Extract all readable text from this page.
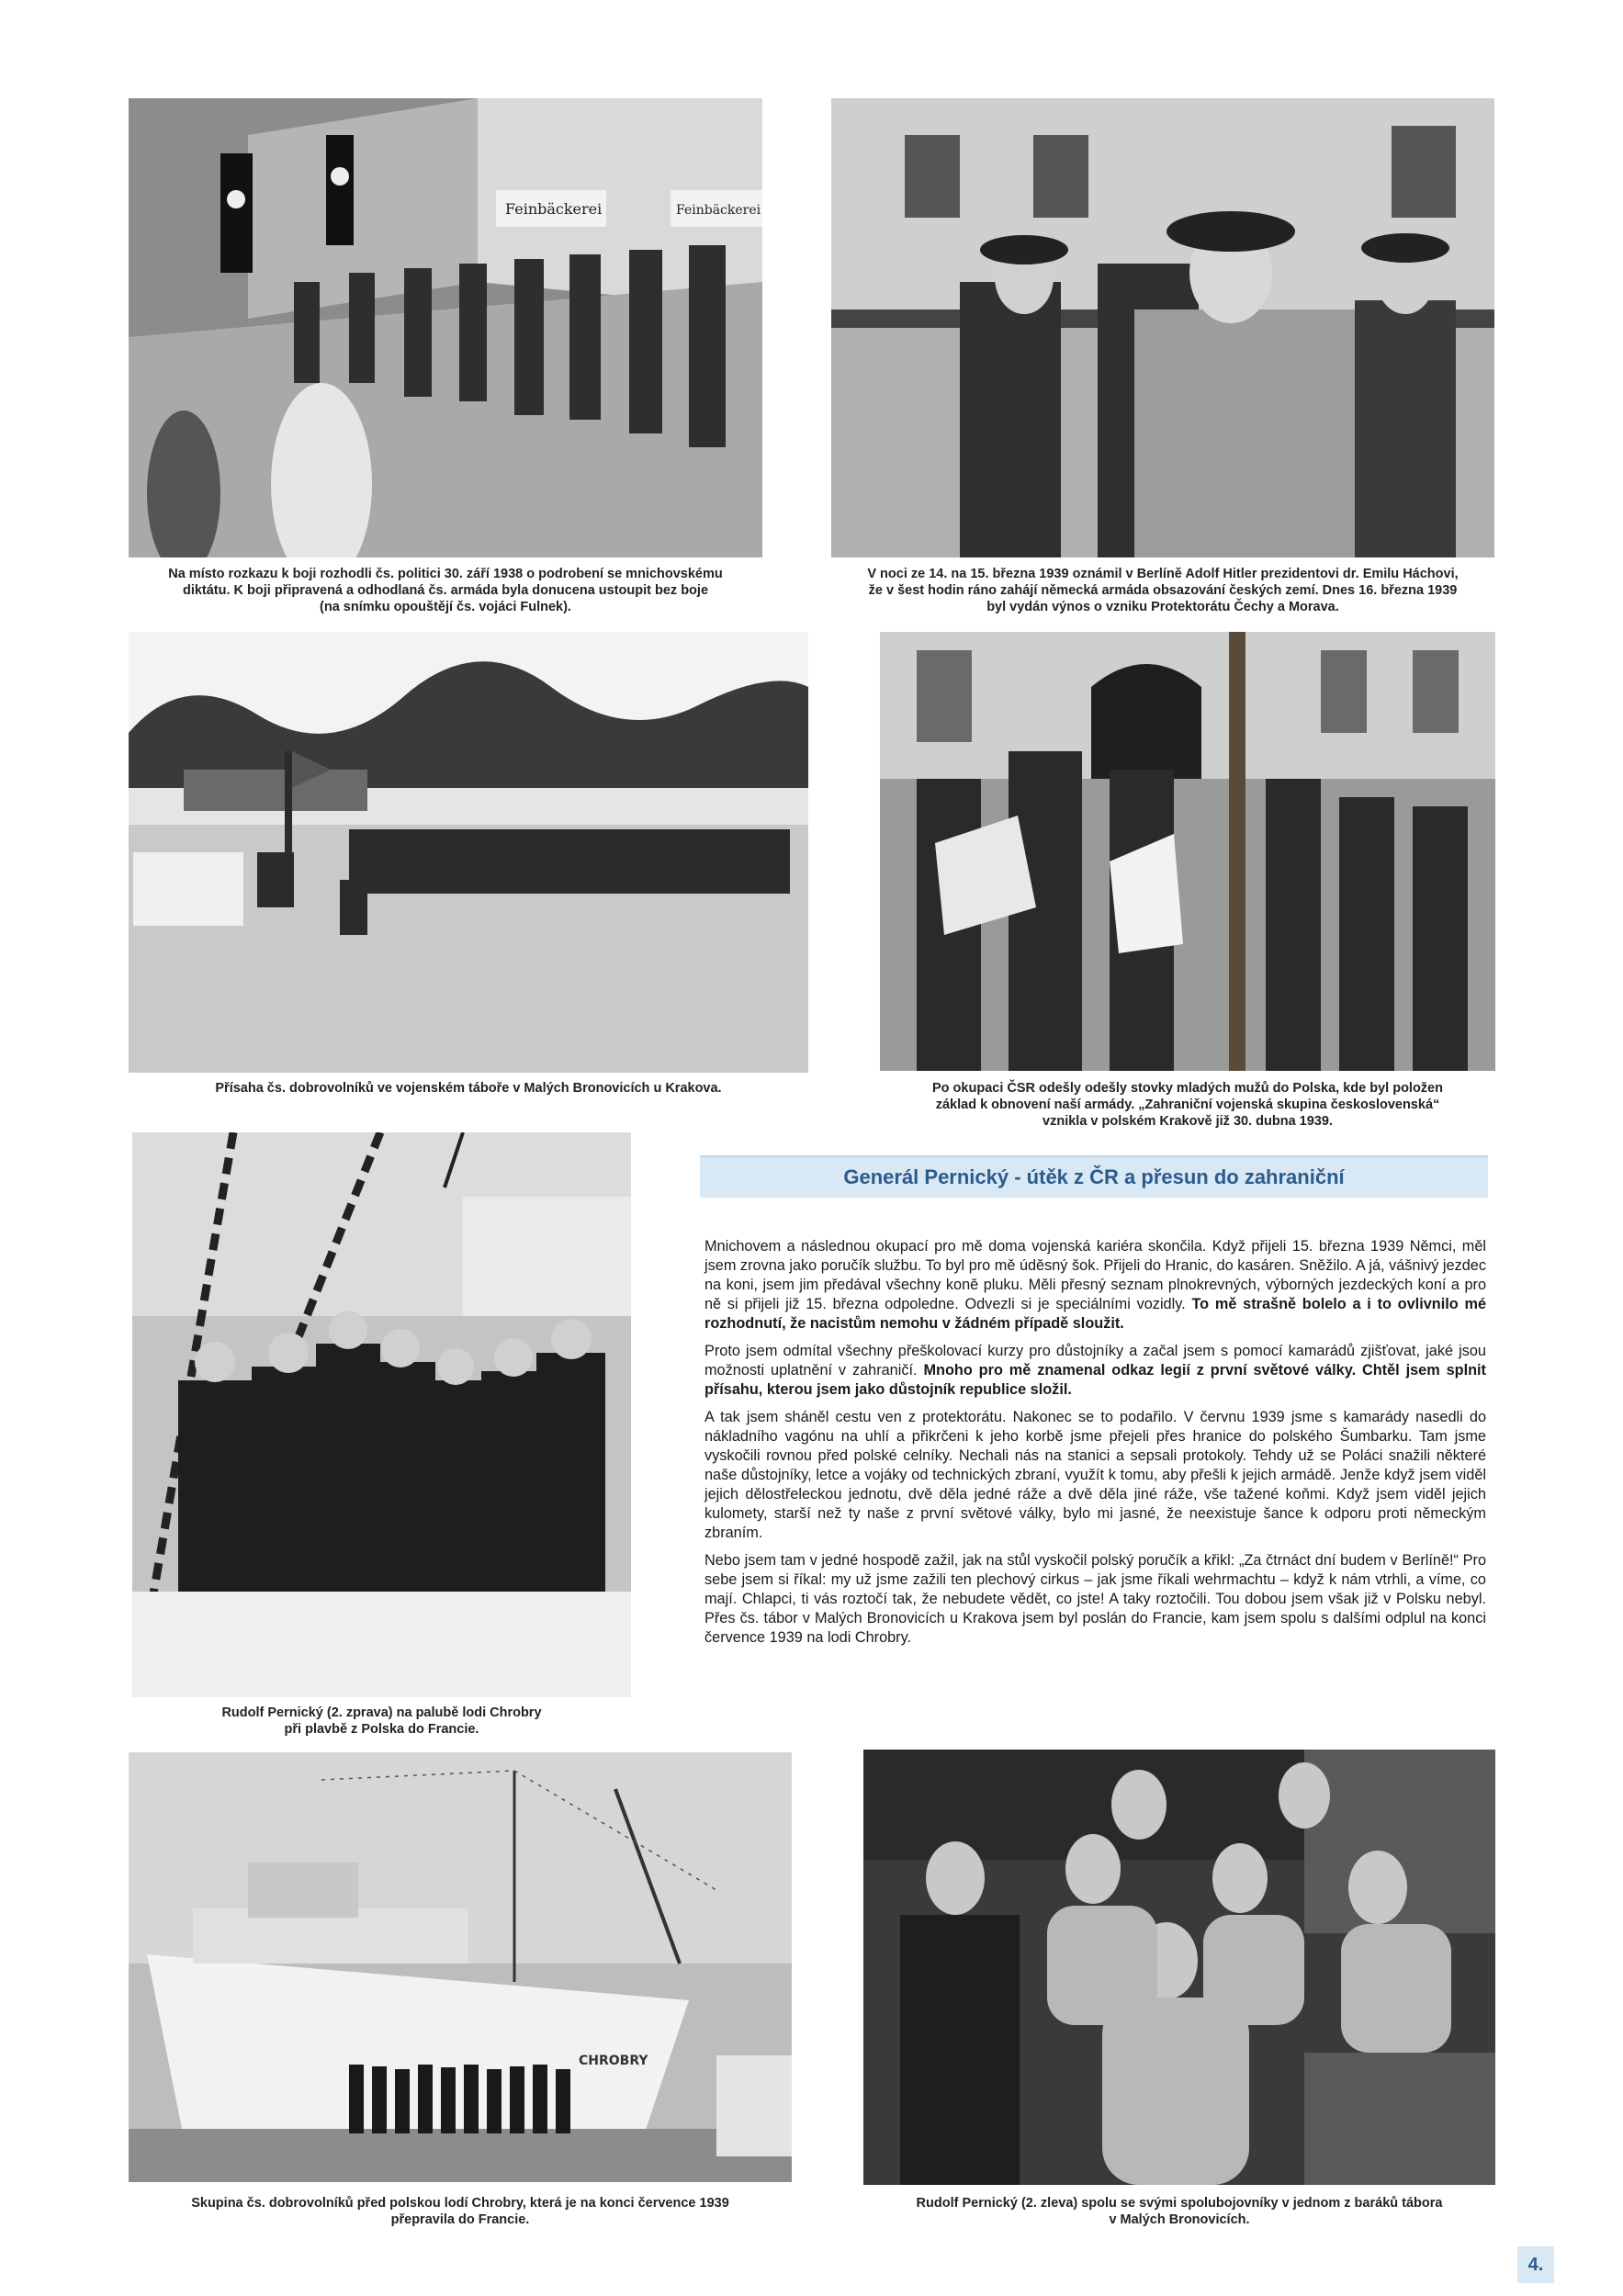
Feinbäckerei	Feinbäckerei
Na místo rozkazu k boji rozhodli čs. politici 30. září 1938 o podrobení se mnichovskému
diktátu. K boji připravená a odhodlaná čs. armáda byla donucena ustoupit bez boje
(na snímku opouštějí čs. vojáci Fulnek).
V noci ze 14. na 15. března 1939 oznámil v Berlíně Adolf Hitler prezidentovi dr. Emilu Háchovi,
že v šest hodin ráno zahájí německá armáda obsazování českých zemí. Dnes 16. března 1939
byl vydán výnos o vzniku Protektorátu Čechy a Morava.
Přísaha čs. dobrovolníků ve vojenském táboře v Malých Bronovicích u Krakova.	Po okupaci ČSR odešly odešly stovky mladých mužů do Polska, kde byl položen
základ k obnovení naší armády. „Zahraniční vojenská skupina československá“
vznikla v polském Krakově již 30. dubna 1939.
Rudolf Pernický (2. zprava) na palubě lodi Chrobry
při plavbě z Polska do Francie.
Generál Pernický - útěk z ČR a přesun do zahraniční

Mnichovem a následnou okupací pro mě doma vojenská kariéra skončila. Když přijeli 15. března 1939 Němci, měl jsem zrovna jako poručík službu. To byl pro mě úděsný šok. Přijeli do Hranic, do kasáren. Sněžilo. A já, vášnivý jezdec na koni, jsem jim předával všechny koně pluku. Měli přesný seznam plnokrevných, výborných jezdeckých koní a pro ně si přijeli již 15. března odpoledne. Odvezli si je speciálními vozidly. To mě strašně bolelo a i to ovlivnilo mé rozhodnutí, že nacistům nemohu v žádném případě sloužit.

Proto jsem odmítal všechny přeškolovací kurzy pro důstojníky a začal jsem s pomocí kamarádů zjišťovat, jaké jsou možnosti uplatnění v zahraničí. Mnoho pro mě znamenal odkaz legií z první světové války. Chtěl jsem splnit přísahu, kterou jsem jako důstojník republice složil.

A tak jsem sháněl cestu ven z protektorátu. Nakonec se to podařilo. V červnu 1939 jsme s kamarády nasedli do nákladního vagónu na uhlí a přikrčeni k jeho korbě jsme přejeli přes hranice do polského Šumbarku. Tam jsme vyskočili rovnou před polské celníky. Nechali nás na stanici a sepsali protokoly. Tehdy už se Poláci snažili některé naše důstojníky, letce a vojáky od technických zbraní, využít k tomu, aby přešli k jejich armádě. Jenže když jsem viděl jejich dělostřeleckou jednotu, dvě děla jedné ráže a dvě děla jiné ráže, vše tažené koňmi. Když jsem viděl jejich kulomety, starší než ty naše z první světové války, bylo mi jasné, že neexistuje šance k odporu proti německým zbraním.

Nebo jsem tam v jedné hospodě zažil, jak na stůl vyskočil polský poručík a křikl: „Za čtrnáct dní budem v Berlíně!“ Pro sebe jsem si říkal: my už jsme zažili ten plechový cirkus – jak jsme říkali wehrmachtu – když k nám vtrhli, a víme, co mají. Chlapci, ti vás roztočí tak, že nebudete vědět, co jste! A taky roztočili. Tou dobou jsem však již v Polsku nebyl. Přes čs. tábor v Malých Bronovicích u Krakova jsem byl poslán do Francie, kam jsem spolu s dalšími odplul na konci července 1939 na lodi Chrobry.

CHROBRY
Skupina čs. dobrovolníků před polskou lodí Chrobry, která je na konci července 1939
přepravila do Francie.
Rudolf Pernický (2. zleva) spolu se svými spolubojovníky v jednom z baráků tábora
v Malých Bronovicích.
4.
